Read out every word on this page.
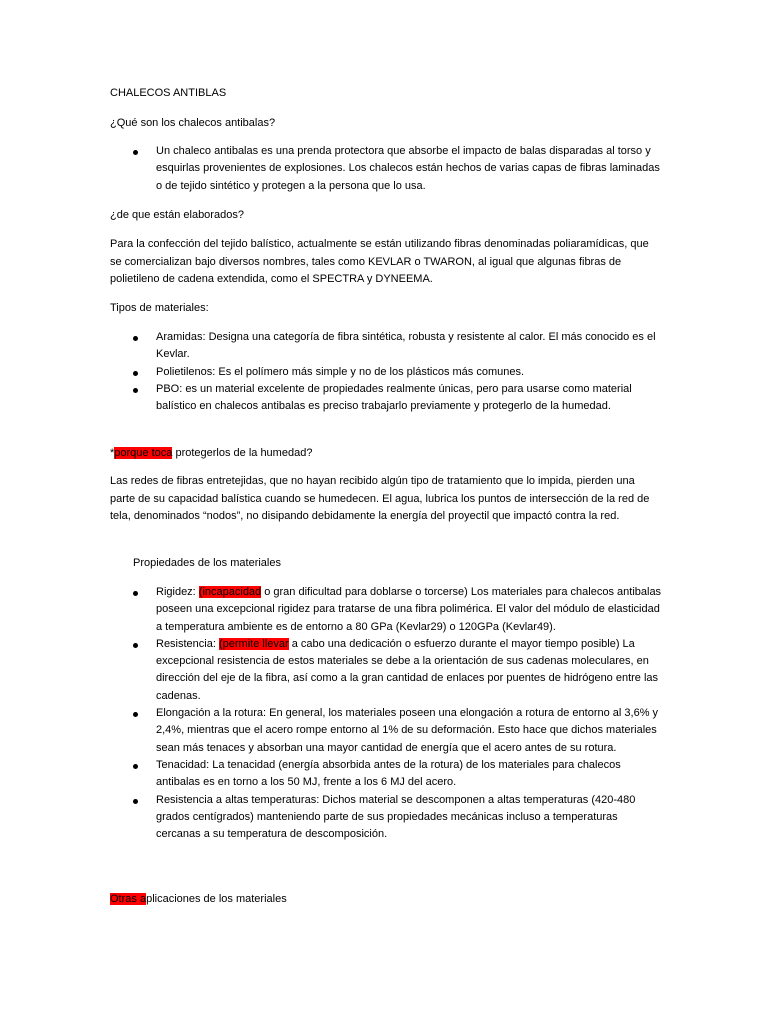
CHALECOS ANTIBLAS

¿Qué son los chalecos antibalas?

Un chaleco antibalas es una prenda protectora que absorbe el impacto de balas disparadas al torso y esquirlas provenientes de explosiones. Los chalecos están hechos de varias capas de fibras laminadas o de tejido sintético y protegen a la persona que lo usa.

¿de que están elaborados?

Para la confección del tejido balístico, actualmente se están utilizando fibras denominadas poliaramídicas, que se comercializan bajo diversos nombres, tales como KEVLAR o TWARON, al igual que algunas fibras de polietileno de cadena extendida, como el SPECTRA y DYNEEMA.

Tipos de materiales:

Aramidas: Designa una categoría de fibra sintética, robusta y resistente al calor. El más conocido es el Kevlar.
Polietilenos: Es el polímero más simple y no de los plásticos más comunes.
PBO: es un material excelente de propiedades realmente únicas, pero para usarse como material balístico en chalecos antibalas es preciso trabajarlo previamente y protegerlo de la humedad.

*porque toca protegerlos de la humedad?

Las redes de fibras entretejidas, que no hayan recibido algún tipo de tratamiento que lo impida, pierden una parte de su capacidad balística cuando se humedecen. El agua, lubrica los puntos de intersección de la red de tela, denominados “nodos”, no disipando debidamente la energía del proyectil que impactó contra la red.

Propiedades de los materiales

Rigidez: (incapacidad o gran dificultad para doblarse o torcerse) Los materiales para chalecos antibalas poseen una excepcional rigidez para tratarse de una fibra polimérica. El valor del módulo de elasticidad a temperatura ambiente es de entorno a 80 GPa (Kevlar29) o 120GPa (Kevlar49).
Resistencia: (permite llevar a cabo una dedicación o esfuerzo durante el mayor tiempo posible) La excepcional resistencia de estos materiales se debe a la orientación de sus cadenas moleculares, en dirección del eje de la fibra, así como a la gran cantidad de enlaces por puentes de hidrógeno entre las cadenas.
Elongación a la rotura: En general, los materiales poseen una elongación a rotura de entorno al 3,6% y 2,4%, mientras que el acero rompe entorno al 1% de su deformación. Esto hace que dichos materiales sean más tenaces y absorban una mayor cantidad de energía que el acero antes de su rotura.
Tenacidad: La tenacidad (energía absorbida antes de la rotura) de los materiales para chalecos antibalas es en torno a los 50 MJ, frente a los 6 MJ del acero.
Resistencia a altas temperaturas: Dichos material se descomponen a altas temperaturas (420-480 grados centígrados) manteniendo parte de sus propiedades mecánicas incluso a temperaturas cercanas a su temperatura de descomposición.

Otras aplicaciones de los materiales
